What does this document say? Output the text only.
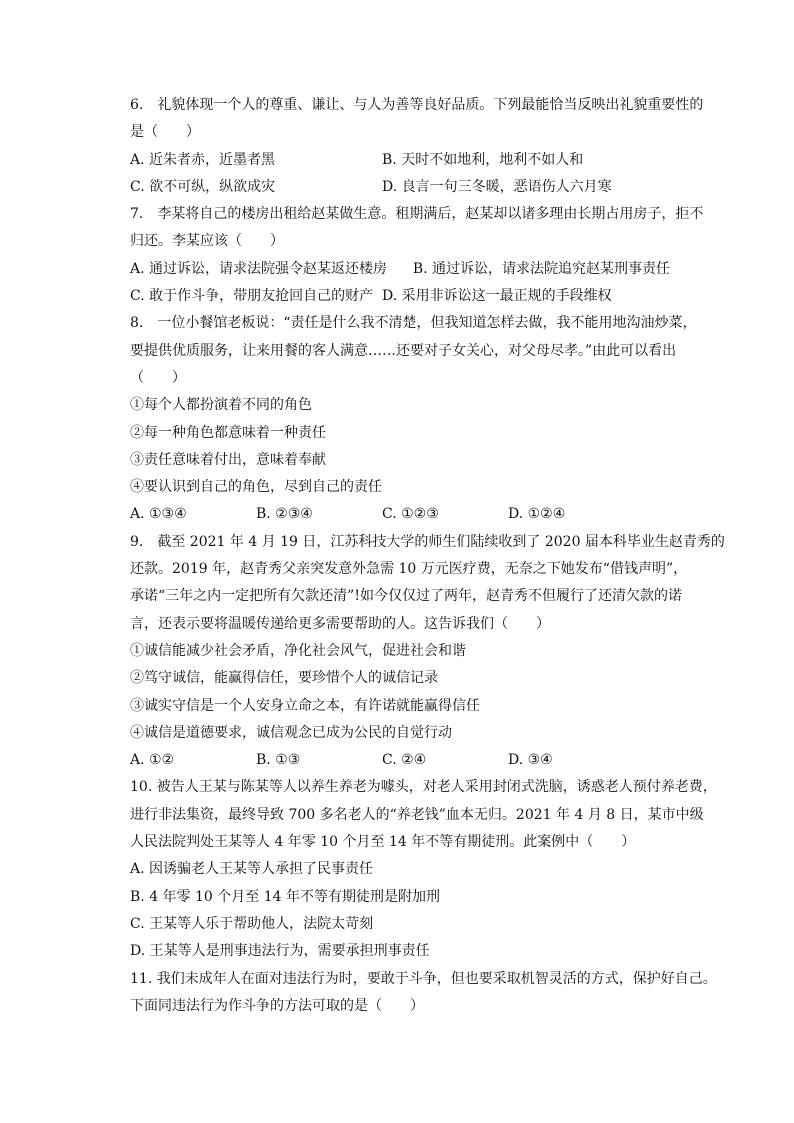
6.　礼貌体现一个人的尊重、谦让、与人为善等良好品质。下列最能恰当反映出礼貌重要性的
是（　　）
A. 近朱者赤，近墨者黑	B. 天时不如地利，地利不如人和
C. 欲不可纵，纵欲成灾	D. 良言一句三冬暖，恶语伤人六月寒
7.　李某将自己的楼房出租给赵某做生意。租期满后，赵某却以诸多理由长期占用房子，拒不
归还。李某应该（　　）
A. 通过诉讼，请求法院强令赵某返还楼房	B. 通过诉讼，请求法院追究赵某刑事责任
C. 敢于作斗争，带朋友抢回自己的财产 D. 采用非诉讼这一最正规的手段维权
8.　一位小餐馆老板说：“责任是什么我不清楚，但我知道怎样去做，我不能用地沟油炒菜，
要提供优质服务，让来用餐的客人满意……还要对子女关心，对父母尽孝。”由此可以看出
（　　）
①每个人都扮演着不同的角色
②每一种角色都意味着一种责任
③责任意味着付出，意味着奉献
④要认识到自己的角色，尽到自己的责任
A. ①③④	B. ②③④	C. ①②③	D. ①②④
9.　截至 2021 年 4 月 19 日，江苏科技大学的师生们陆续收到了 2020 届本科毕业生赵青秀的
还款。2019 年，赵青秀父亲突发意外急需 10 万元医疗费，无奈之下她发布“借钱声明”，
承诺“三年之内一定把所有欠款还清”!如今仅仅过了两年，赵青秀不但履行了还清欠款的诺
言，还表示要将温暖传递给更多需要帮助的人。这告诉我们（　　）
①诚信能减少社会矛盾，净化社会风气，促进社会和谐
②笃守诚信，能赢得信任，要珍惜个人的诚信记录
③诚实守信是一个人安身立命之本，有许诺就能赢得信任
④诚信是道德要求，诚信观念已成为公民的自觉行动
A. ①②	B. ①③	C. ②④	D. ③④
10. 被告人王某与陈某等人以养生养老为噱头，对老人采用封闭式洗脑，诱惑老人预付养老费，
进行非法集资，最终导致 700 多名老人的“养老钱”血本无归。2021 年 4 月 8 日，某市中级
人民法院判处王某等人 4 年零 10 个月至 14 年不等有期徒刑。此案例中（　　）
A. 因诱骗老人王某等人承担了民事责任
B. 4 年零 10 个月至 14 年不等有期徒刑是附加刑
C. 王某等人乐于帮助他人，法院太苛刻
D. 王某等人是刑事违法行为，需要承担刑事责任
11. 我们未成年人在面对违法行为时，要敢于斗争，但也要采取机智灵活的方式，保护好自己。
下面同违法行为作斗争的方法可取的是（　　）
